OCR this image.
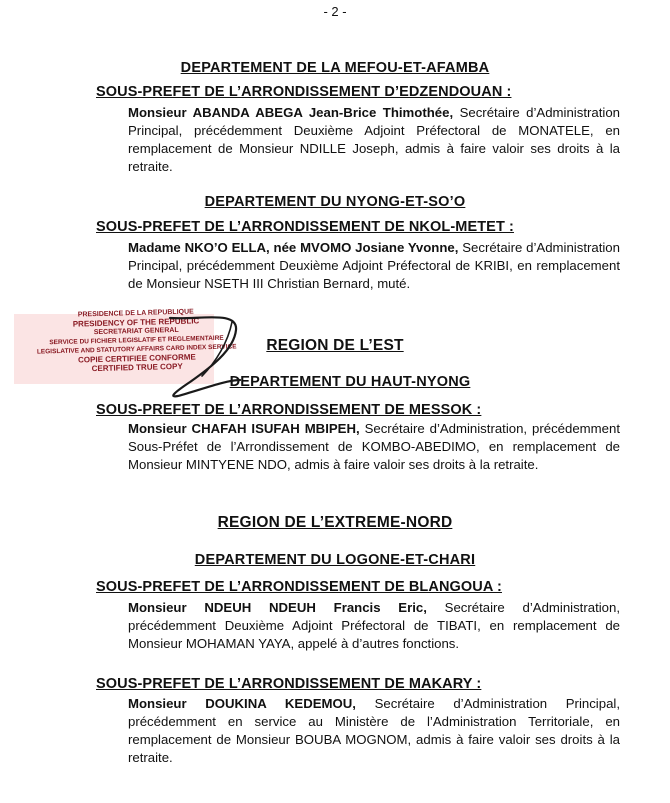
- 2 -
DEPARTEMENT DE LA MEFOU-ET-AFAMBA
SOUS-PREFET DE L’ARRONDISSEMENT D’EDZENDOUAN :
Monsieur ABANDA ABEGA Jean-Brice Thimothée, Secrétaire d’Administration Principal, précédemment Deuxième Adjoint Préfectoral de MONATELE, en remplacement de Monsieur NDILLE Joseph, admis à faire valoir ses droits à la retraite.
DEPARTEMENT DU NYONG-ET-SO’O
SOUS-PREFET DE L’ARRONDISSEMENT DE NKOL-METET :
Madame NKO’O ELLA, née MVOMO Josiane Yvonne, Secrétaire d’Administration Principal, précédemment Deuxième Adjoint Préfectoral de KRIBI, en remplacement de Monsieur NSETH III Christian Bernard, muté.
REGION DE L’EST
DEPARTEMENT DU HAUT-NYONG
SOUS-PREFET DE L’ARRONDISSEMENT DE MESSOK :
Monsieur CHAFAH ISUFAH MBIPEH, Secrétaire d’Administration, précédemment Sous-Préfet de l’Arrondissement de KOMBO-ABEDIMO, en remplacement de Monsieur MINTYENE NDO, admis à faire valoir ses droits à la retraite.
REGION DE L’EXTREME-NORD
DEPARTEMENT DU LOGONE-ET-CHARI
SOUS-PREFET DE L’ARRONDISSEMENT DE BLANGOUA :
Monsieur NDEUH NDEUH Francis Eric, Secrétaire d’Administration, précédemment Deuxième Adjoint Préfectoral de TIBATI, en remplacement de Monsieur MOHAMAN YAYA, appelé à d’autres fonctions.
SOUS-PREFET DE L’ARRONDISSEMENT DE MAKARY :
Monsieur DOUKINA KEDEMOU, Secrétaire d’Administration Principal, précédemment en service au Ministère de l’Administration Territoriale, en remplacement de Monsieur BOUBA MOGNOM, admis à faire valoir ses droits à la retraite.
PRESIDENCE DE LA REPUBLIQUE
PRESIDENCY OF THE REPUBLIC
SECRETARIAT GENERAL
SERVICE DU FICHIER LEGISLATIF ET REGLEMENTAIRE
LEGISLATIVE AND STATUTORY AFFAIRS CARD INDEX SERVICE
COPIE CERTIFIEE CONFORME
CERTIFIED TRUE COPY
